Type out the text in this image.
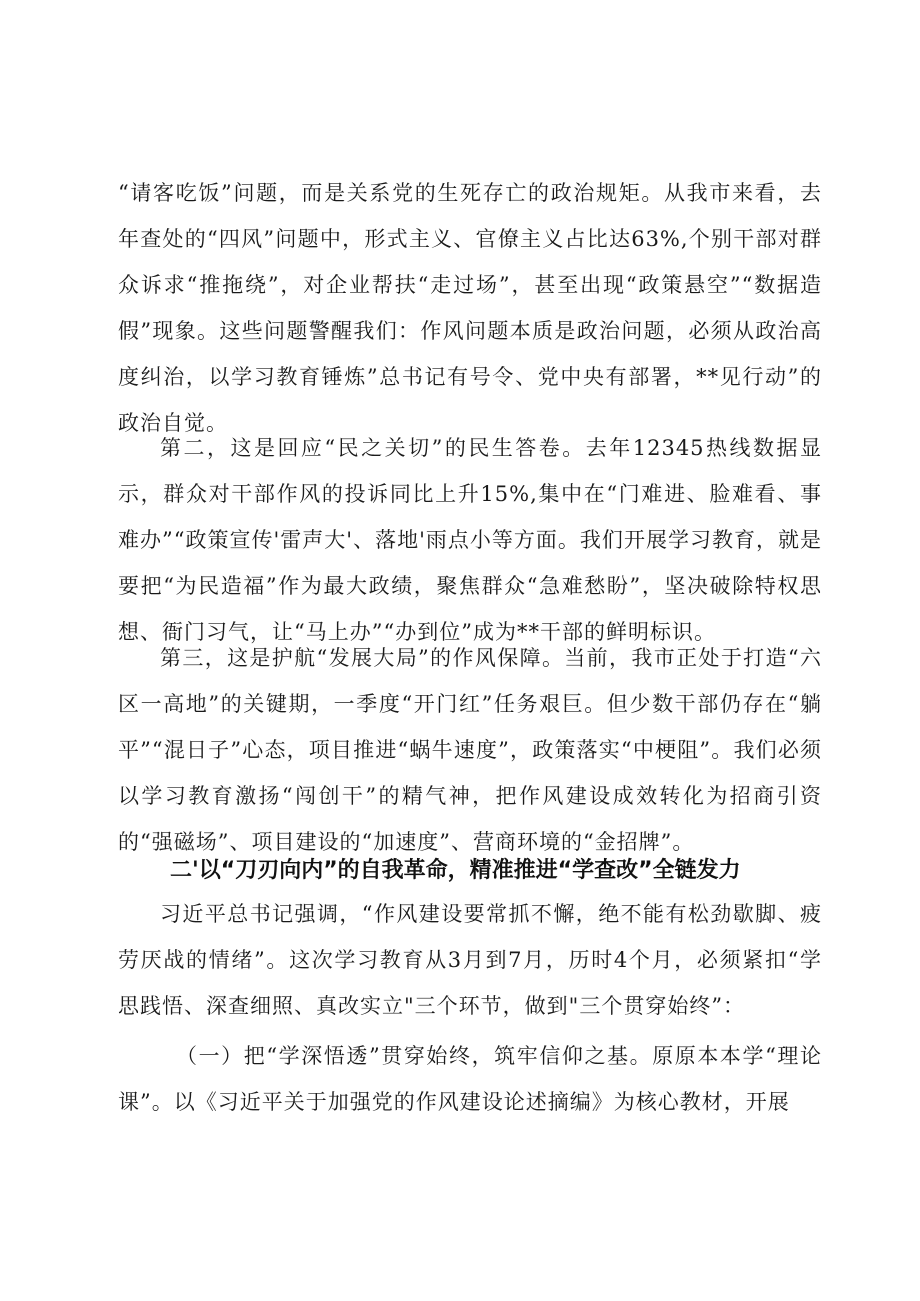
“请客吃饭”问题，而是关系党的生死存亡的政治规矩。从我市来看，去年查处的“四风”问题中，形式主义、官僚主义占比达63%,个别干部对群众诉求“推拖绕”，对企业帮扶“走过场”，甚至出现“政策悬空”“数据造假”现象。这些问题警醒我们：作风问题本质是政治问题，必须从政治高度纠治，以学习教育锤炼”总书记有号令、党中央有部署，**见行动”的政治自觉。

第二，这是回应“民之关切”的民生答卷。去年12345热线数据显示，群众对干部作风的投诉同比上升15%,集中在“门难进、脸难看、事难办”“政策宣传'雷声大'、落地'雨点小等方面。我们开展学习教育，就是要把“为民造福”作为最大政绩，聚焦群众“急难愁盼”，坚决破除特权思想、衙门习气，让“马上办”“办到位”成为**干部的鲜明标识。

第三，这是护航“发展大局”的作风保障。当前，我市正处于打造“六区一高地”的关键期，一季度“开门红”任务艰巨。但少数干部仍存在“躺平”“混日子”心态，项目推进“蜗牛速度”，政策落实“中梗阻”。我们必须以学习教育激扬“闯创干”的精气神，把作风建设成效转化为招商引资的“强磁场”、项目建设的“加速度”、营商环境的“金招牌”。

二'以“刀刃向内”的自我革命，精准推进“学查改”全链发力

习近平总书记强调，“作风建设要常抓不懈，绝不能有松劲歇脚、疲劳厌战的情绪”。这次学习教育从3月到7月，历时4个月，必须紧扣“学思践悟、深查细照、真改实立"三个环节，做到"三个贯穿始终”：

（一）把“学深悟透”贯穿始终，筑牢信仰之基。原原本本学“理论课”。以《习近平关于加强党的作风建设论述摘编》为核心教材，开展
